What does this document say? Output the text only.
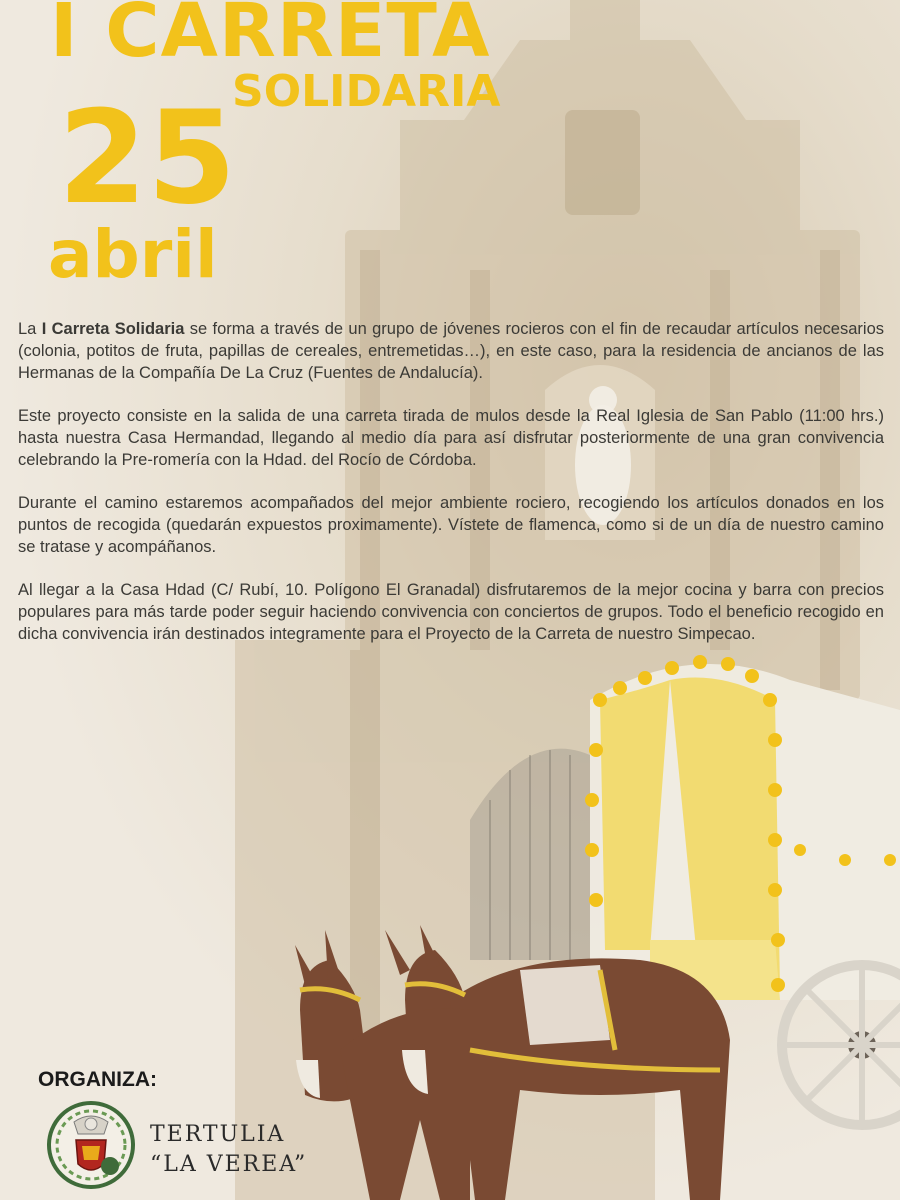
I CARRETA
SOLIDARIA
25
abril

La I Carreta Solidaria se forma a través de un grupo de jóvenes rocieros con el fin de recaudar artículos necesarios (colonia, potitos de fruta, papillas de cereales, entremetidas…), en este caso, para la residencia de ancianos de las Hermanas de la Compañía De La Cruz (Fuentes de Andalucía).

Este proyecto consiste en la salida de una carreta tirada de mulos desde la Real Iglesia de San Pablo (11:00 hrs.) hasta nuestra Casa Hermandad, llegando al medio día para así disfrutar posteriormente de una gran convivencia celebrando la Pre-romería con la Hdad. del Rocío de Córdoba.

Durante el camino estaremos acompañados del mejor ambiente rociero, recogiendo los artículos donados en los puntos de recogida (quedarán expuestos proximamente). Vístete de flamenca, como si de un día de nuestro camino se tratase y acompáñanos.

Al llegar a la Casa Hdad (C/ Rubí, 10. Polígono El Granadal) disfrutaremos de la mejor cocina y barra con precios populares para más tarde poder seguir haciendo convivencia con conciertos de grupos. Todo el beneficio recogido en dicha convivencia irán destinados integramente para el Proyecto de la Carreta de nuestro Simpecao.

ORGANIZA:
TERTULIA
“LA VEREA”
